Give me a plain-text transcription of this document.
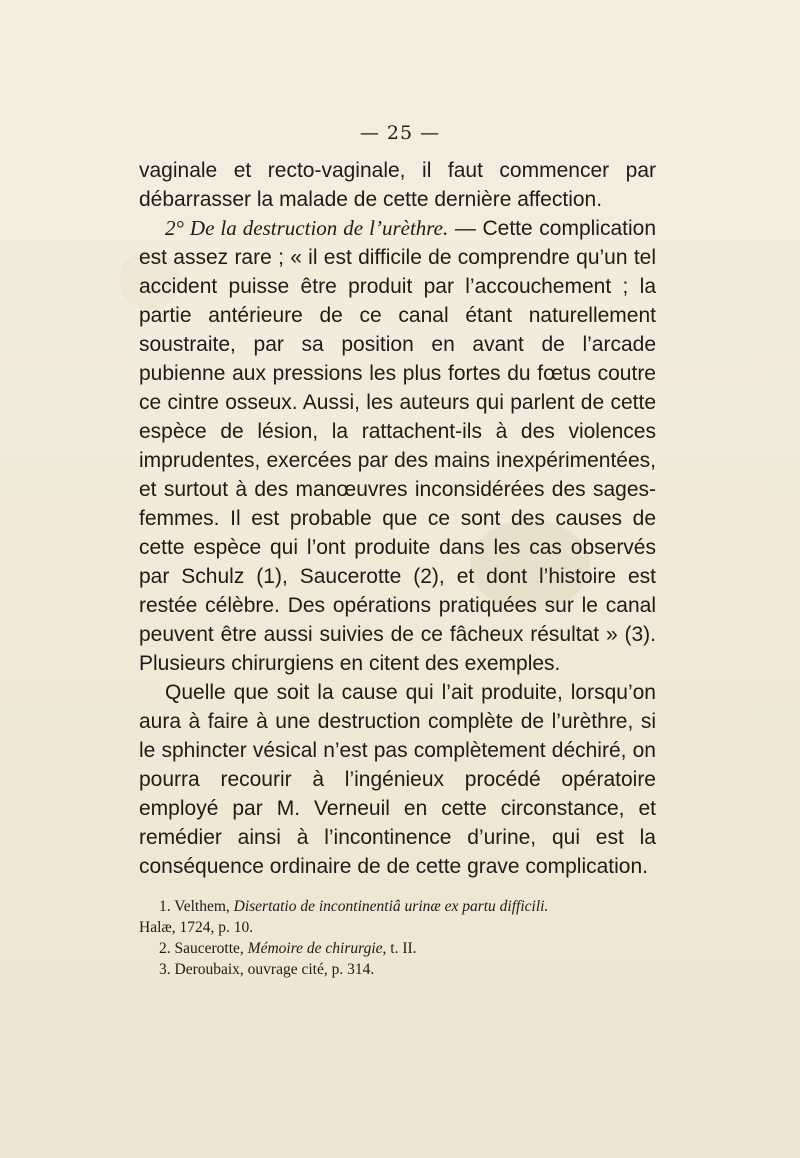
— 25 —

vaginale et recto-vaginale, il faut commencer par débarrasser la malade de cette dernière affection.

2° De la destruction de l’urèthre. — Cette complication est assez rare ; « il est difficile de comprendre qu’un tel accident puisse être produit par l’accouchement ; la partie antérieure de ce canal étant naturellement soustraite, par sa position en avant de l’arcade pubienne aux pressions les plus fortes du fœtus coutre ce cintre osseux. Aussi, les auteurs qui parlent de cette espèce de lésion, la rattachent-ils à des violences imprudentes, exercées par des mains inexpérimentées, et surtout à des manœuvres inconsidérées des sages-femmes. Il est probable que ce sont des causes de cette espèce qui l’ont produite dans les cas observés par Schulz (1), Saucerotte (2), et dont l’histoire est restée célèbre. Des opérations pratiquées sur le canal peuvent être aussi suivies de ce fâcheux résultat » (3). Plusieurs chirurgiens en citent des exemples.

Quelle que soit la cause qui l’ait produite, lorsqu’on aura à faire à une destruction complète de l’urèthre, si le sphincter vésical n’est pas complètement déchiré, on pourra recourir à l’ingénieux procédé opératoire employé par M. Verneuil en cette circonstance, et remédier ainsi à l’incontinence d’urine, qui est la conséquence ordinaire de de cette grave complication.

1. Velthem, Disertatio de incontinentiâ urinæ ex partu difficili.

Halæ, 1724, p. 10.

2. Saucerotte, Mémoire de chirurgie, t. II.

3. Deroubaix, ouvrage cité, p. 314.
